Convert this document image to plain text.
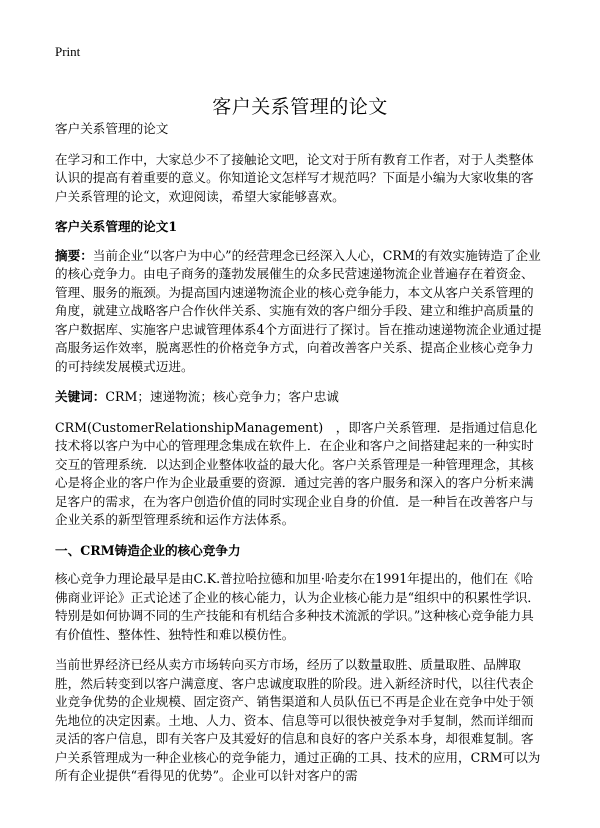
Print
客户关系管理的论文

客户关系管理的论文

在学习和工作中，大家总少不了接触论文吧，论文对于所有教育工作者，对于人类整体认识的提高有着重要的意义。你知道论文怎样写才规范吗？下面是小编为大家收集的客户关系管理的论文，欢迎阅读，希望大家能够喜欢。

客户关系管理的论文1

摘要：当前企业“以客户为中心”的经营理念已经深入人心，CRM的有效实施铸造了企业的核心竞争力。由电子商务的蓬勃发展催生的众多民营速递物流企业普遍存在着资金、管理、服务的瓶颈。为提高国内速递物流企业的核心竞争能力，本文从客户关系管理的角度，就建立战略客户合作伙伴关系、实施有效的客户细分手段、建立和维护高质量的客户数据库、实施客户忠诚管理体系4个方面进行了探讨。旨在推动速递物流企业通过提高服务运作效率，脱离恶性的价格竞争方式，向着改善客户关系、提高企业核心竞争力的可持续发展模式迈进。

关键词：CRM；速递物流；核心竞争力；客户忠诚

CRM(CustomerRelationshipManagement)　，即客户关系管理．是指通过信息化技术将以客户为中心的管理理念集成在软件上．在企业和客户之间搭建起来的一种实时交互的管理系统．以达到企业整体收益的最大化。客户关系管理是一种管理理念，其核心是将企业的客户作为企业最重要的资源．通过完善的客户服务和深入的客户分析来满足客户的需求，在为客户创造价值的同时实现企业自身的价值．是一种旨在改善客户与企业关系的新型管理系统和运作方法体系。

一、CRM铸造企业的核心竞争力

核心竞争力理论最早是由C.K.普拉哈拉德和加里·哈麦尔在1991年提出的，他们在《哈佛商业评论》正式论述了企业的核心能力，认为企业核心能力是“组织中的积累性学识．特别是如何协调不同的生产技能和有机结合多种技术流派的学识。”这种核心竞争能力具有价值性、整体性、独特性和难以模仿性。

当前世界经济已经从卖方市场转向买方市场，经历了以数量取胜、质量取胜、品牌取胜，然后转变到以客户满意度、客户忠诚度取胜的阶段。进入新经济时代，以往代表企业竞争优势的企业规模、固定资产、销售渠道和人员队伍已不再是企业在竞争中处于领先地位的决定因素。土地、人力、资本、信息等可以很快被竞争对手复制，然而详细而灵活的客户信息，即有关客户及其爱好的信息和良好的客户关系本身，却很难复制。客户关系管理成为一种企业核心的竞争能力，通过正确的工具、技术的应用，CRM可以为所有企业提供“看得见的优势”。企业可以针对客户的需
